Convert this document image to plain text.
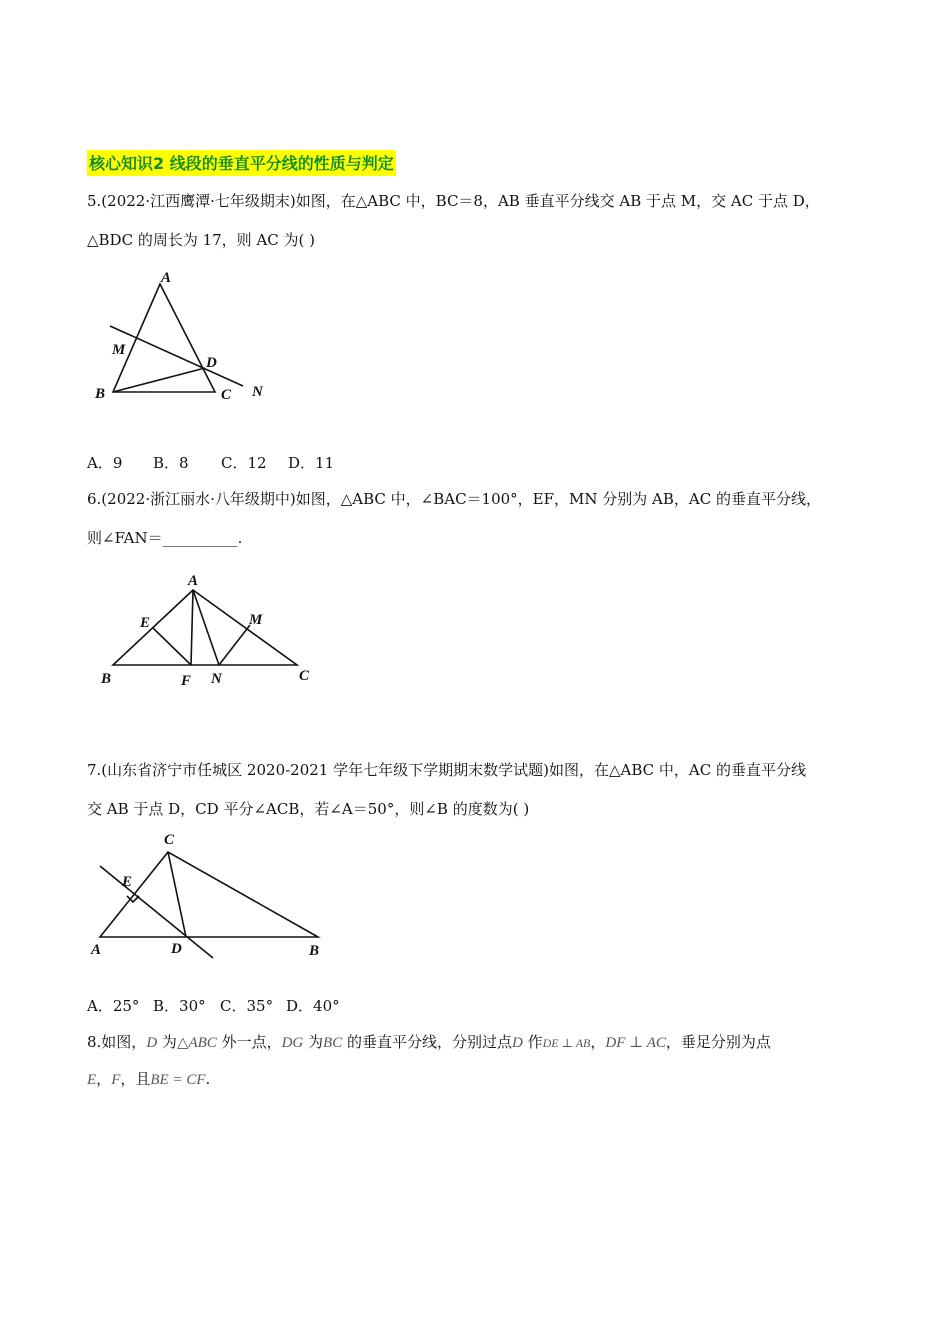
核心知识2 线段的垂直平分线的性质与判定
5.(2022·江西鹰潭·七年级期末)如图，在△ABC 中，BC＝8，AB 垂直平分线交 AB 于点 M，交 AC 于点 D，
△BDC 的周长为 17，则 AC 为( )
A
M
D
B	C N
A．9 B．8 C．12 D．11
6.(2022·浙江丽水·八年级期中)如图，△ABC 中，∠BAC＝100°，EF，MN 分别为 AB，AC 的垂直平分线，
则∠FAN＝__________.
A
E	M
B	F N	C
7.(山东省济宁市任城区 2020-2021 学年七年级下学期期末数学试题)如图，在△ABC 中，AC 的垂直平分线
交 AB 于点 D，CD 平分∠ACB，若∠A＝50°，则∠B 的度数为( )
C
E
A	D	B
A．25° B．30° C．35° D．40°
8.如图，D 为△ABC 外一点，DG 为BC 的垂直平分线，分别过点D 作DE ⊥ AB，DF ⊥ AC，垂足分别为点
E，F，且BE = CF.
